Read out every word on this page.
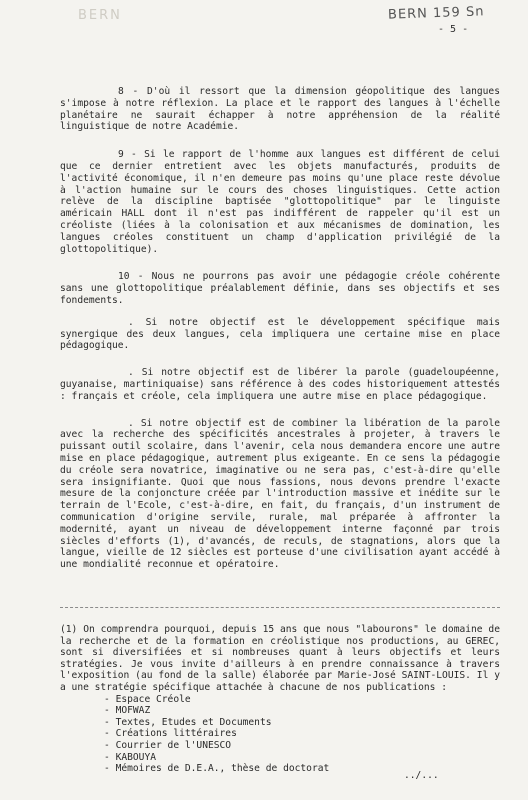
BERN	BERN 159 Sn
- 5 -

8 - D'où il ressort que la dimension géopolitique des langues s'impose à notre réflexion. La place et le rapport des langues à l'échelle planétaire ne saurait échapper à notre appréhension de la réalité linguistique de notre Académie.

9 - Si le rapport de l'homme aux langues est différent de celui que ce dernier entretient avec les objets manufacturés, produits de l'activité économique, il n'en demeure pas moins qu'une place reste dévolue à l'action humaine sur le cours des choses linguistiques. Cette action relève de la discipline baptisée "glottopolitique" par le linguiste américain HALL dont il n'est pas indifférent de rappeler qu'il est un créoliste (liées à la colonisation et aux mécanismes de domination, les langues créoles constituent un champ d'application privilégié de la glottopolitique).

10 - Nous ne pourrons pas avoir une pédagogie créole cohérente sans une glottopolitique préalablement définie, dans ses objectifs et ses fondements.

. Si notre objectif est le développement spécifique mais synergique des deux langues, cela impliquera une certaine mise en place pédagogique.

. Si notre objectif est de libérer la parole (guadeloupéenne, guyanaise, martiniquaise) sans référence à des codes historiquement attestés : français et créole, cela impliquera une autre mise en place pédagogique.

. Si notre objectif est de combiner la libération de la parole avec la recherche des spécificités ancestrales à projeter, à travers le puissant outil scolaire, dans l'avenir, cela nous demandera encore une autre mise en place pédagogique, autrement plus exigeante. En ce sens la pédagogie du créole sera novatrice, imaginative ou ne sera pas, c'est-à-dire qu'elle sera insignifiante. Quoi que nous fassions, nous devons prendre l'exacte mesure de la conjoncture créée par l'introduction massive et inédite sur le terrain de l'Ecole, c'est-à-dire, en fait, du français, d'un instrument de communication d'origine servile, rurale, mal préparée à affronter la modernité, ayant un niveau de développement interne façonné par trois siècles d'efforts (1), d'avancés, de reculs, de stagnations, alors que la langue, vieille de 12 siècles est porteuse d'une civilisation ayant accédé à une mondialité reconnue et opératoire.

(1) On comprendra pourquoi, depuis 15 ans que nous "labourons" le domaine de la recherche et de la formation en créolistique nos productions, au GEREC, sont si diversifiées et si nombreuses quant à leurs objectifs et leurs stratégies. Je vous invite d'ailleurs à en prendre connaissance à travers l'exposition (au fond de la salle) élaborée par Marie-José SAINT-LOUIS. Il y a une stratégie spécifique attachée à chacune de nos publications :

- Espace Créole
- MOFWAZ
- Textes, Etudes et Documents
- Créations littéraires
- Courrier de l'UNESCO
- KABOUYA
- Mémoires de D.E.A., thèse de doctorat
../...
